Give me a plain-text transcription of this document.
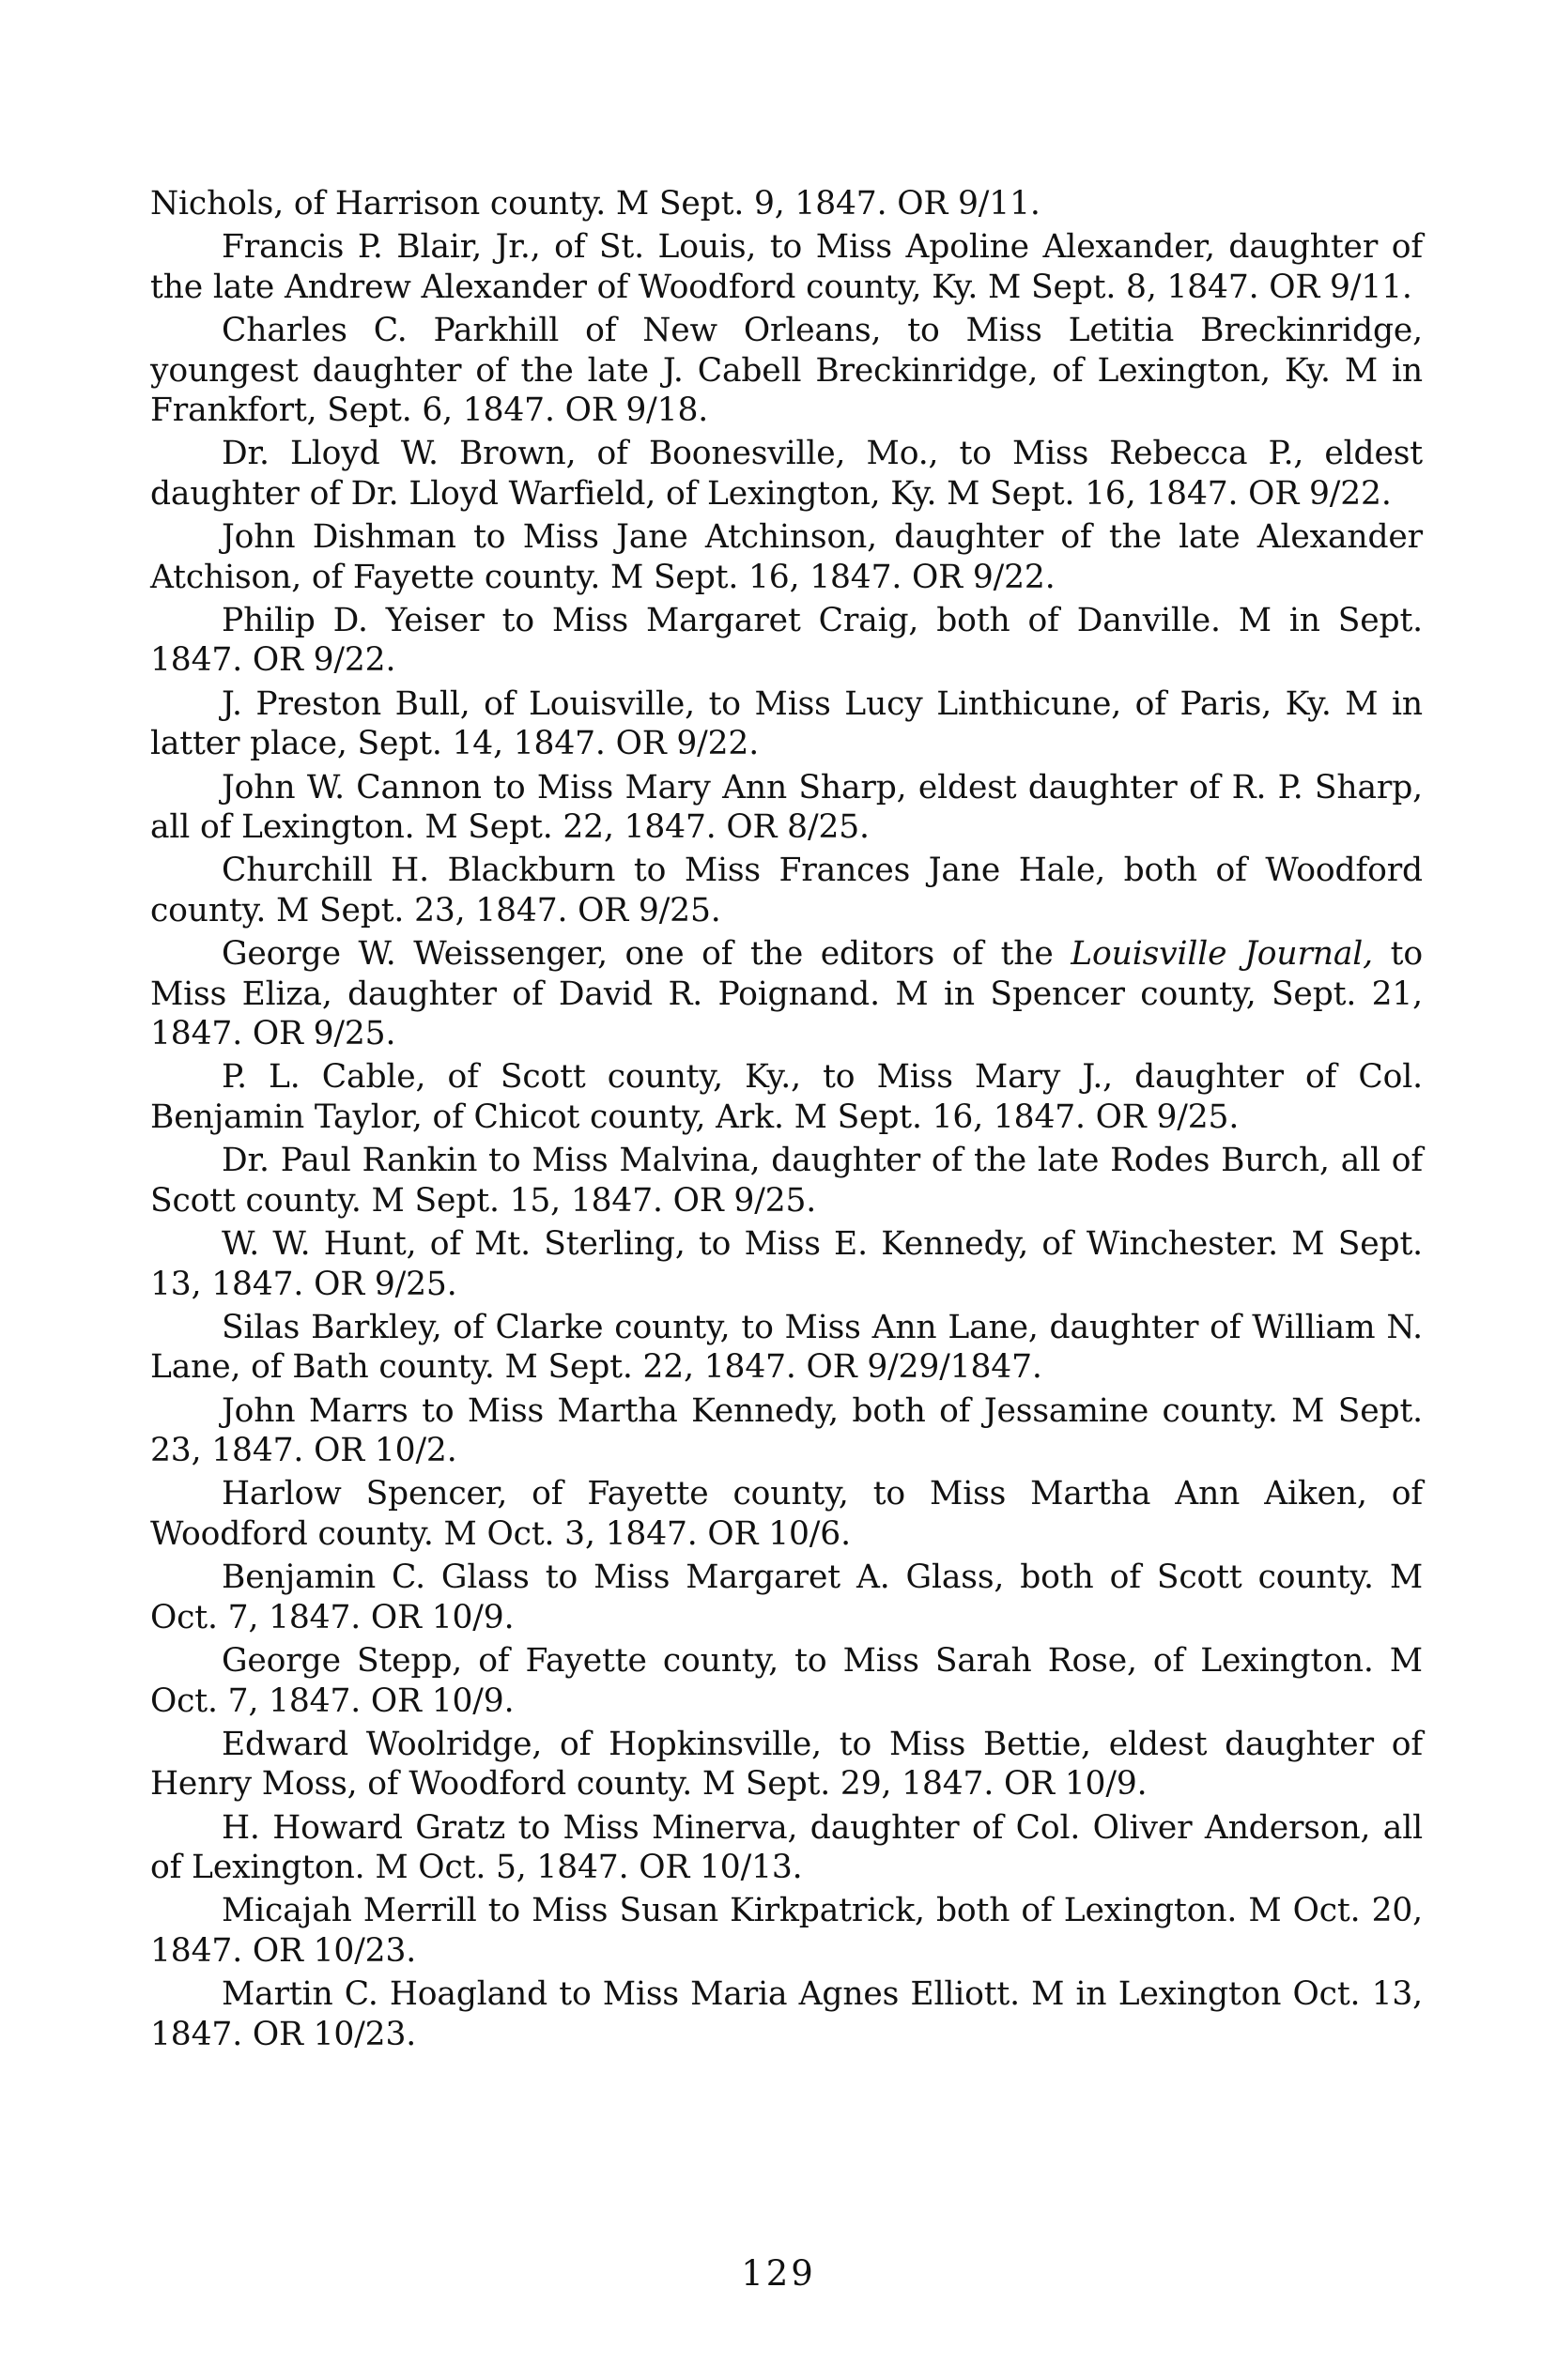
Nichols, of Harrison county. M Sept. 9, 1847. OR 9/11.

Francis P. Blair, Jr., of St. Louis, to Miss Apoline Alexander, daughter of the late Andrew Alexander of Woodford county, Ky. M Sept. 8, 1847. OR 9/11.

Charles C. Parkhill of New Orleans, to Miss Letitia Breckinridge, youngest daughter of the late J. Cabell Breckinridge, of Lexington, Ky. M in Frankfort, Sept. 6, 1847. OR 9/18.

Dr. Lloyd W. Brown, of Boonesville, Mo., to Miss Rebecca P., eldest daughter of Dr. Lloyd Warfield, of Lexington, Ky. M Sept. 16, 1847. OR 9/22.

John Dishman to Miss Jane Atchinson, daughter of the late Alexander Atchison, of Fayette county. M Sept. 16, 1847. OR 9/22.

Philip D. Yeiser to Miss Margaret Craig, both of Danville. M in Sept. 1847. OR 9/22.

J. Preston Bull, of Louisville, to Miss Lucy Linthicune, of Paris, Ky. M in latter place, Sept. 14, 1847. OR 9/22.

John W. Cannon to Miss Mary Ann Sharp, eldest daughter of R. P. Sharp, all of Lexington. M Sept. 22, 1847. OR 8/25.

Churchill H. Blackburn to Miss Frances Jane Hale, both of Woodford county. M Sept. 23, 1847. OR 9/25.

George W. Weissenger, one of the editors of the Louisville Journal, to Miss Eliza, daughter of David R. Poignand. M in Spencer county, Sept. 21, 1847. OR 9/25.

P. L. Cable, of Scott county, Ky., to Miss Mary J., daughter of Col. Benjamin Taylor, of Chicot county, Ark. M Sept. 16, 1847. OR 9/25.

Dr. Paul Rankin to Miss Malvina, daughter of the late Rodes Burch, all of Scott county. M Sept. 15, 1847. OR 9/25.

W. W. Hunt, of Mt. Sterling, to Miss E. Kennedy, of Winchester. M Sept. 13, 1847. OR 9/25.

Silas Barkley, of Clarke county, to Miss Ann Lane, daughter of William N. Lane, of Bath county. M Sept. 22, 1847. OR 9/29/1847.

John Marrs to Miss Martha Kennedy, both of Jessamine county. M Sept. 23, 1847. OR 10/2.

Harlow Spencer, of Fayette county, to Miss Martha Ann Aiken, of Woodford county. M Oct. 3, 1847. OR 10/6.

Benjamin C. Glass to Miss Margaret A. Glass, both of Scott county. M Oct. 7, 1847. OR 10/9.

George Stepp, of Fayette county, to Miss Sarah Rose, of Lexington. M Oct. 7, 1847. OR 10/9.

Edward Woolridge, of Hopkinsville, to Miss Bettie, eldest daughter of Henry Moss, of Woodford county. M Sept. 29, 1847. OR 10/9.

H. Howard Gratz to Miss Minerva, daughter of Col. Oliver Anderson, all of Lexington. M Oct. 5, 1847. OR 10/13.

Micajah Merrill to Miss Susan Kirkpatrick, both of Lexington. M Oct. 20, 1847. OR 10/23.

Martin C. Hoagland to Miss Maria Agnes Elliott. M in Lexington Oct. 13, 1847. OR 10/23.

129
